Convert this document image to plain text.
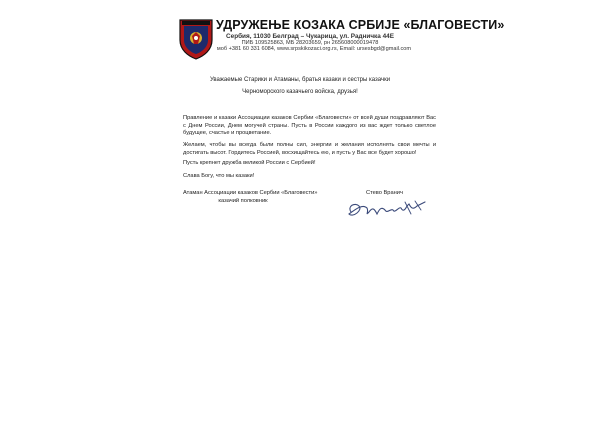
УДРУЖЕЊЕ КОЗАКА СРБИЈЕ «БЛАГОВЕСТИ»
Сербия, 11030 Белград – Чукарица, ул. Радничка 44Е
ПИБ 109525863, МБ 28203659, рн 265608000019478
моб +381 60 331 6084, www.srpskikozaci.org.rs, Email: ursesbgd@gmail.com
Уважаемые Старики и Атаманы, братья казаки и сестры казачки
Черноморского казачьего войска, друзья!
Правление и казаки Ассоциации казаков Сербии «Благовести» от всей души поздравляют Вас с Днем России, Днем могучей страны. Пусть в России каждого из вас ждет только светлое будущее, счастье и процветание.
Желаем, чтобы вы всегда были полны сил, энергии и желания исполнять свои мечты и достигать высот. Гордитесь Россией, восхищайтесь ею, и пусть у Вас все будет хорошо!
Пусть крепнет дружба великой России с Сербией!
Слава Богу, что мы казаки!
Атаман Ассоциации казаков Сербии «Благовести»
казачий полковник
Стево Вранич
